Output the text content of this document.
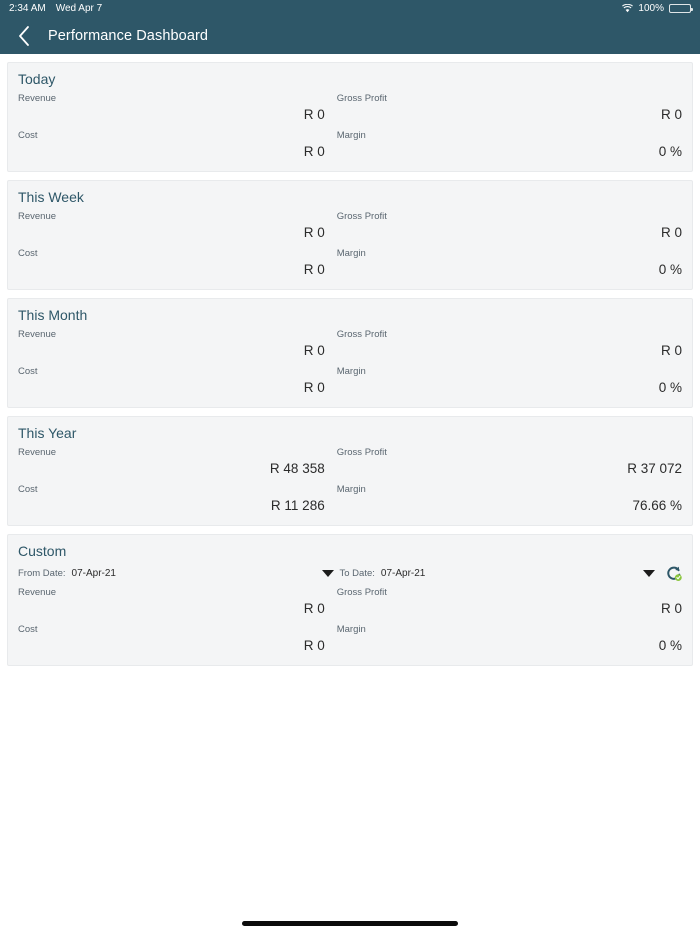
2:34 AM Wed Apr 7	100%
Performance Dashboard
Today
Revenue
R 0
Gross Profit
R 0
Cost
R 0
Margin
0 %
This Week
Revenue
R 0
Gross Profit
R 0
Cost
R 0
Margin
0 %
This Month
Revenue
R 0
Gross Profit
R 0
Cost
R 0
Margin
0 %
This Year
Revenue
R 48 358
Gross Profit
R 37 072
Cost
R 11 286
Margin
76.66 %
Custom
From Date: 07-Apr-21	To Date: 07-Apr-21
Revenue
R 0
Gross Profit
R 0
Cost
R 0
Margin
0 %
